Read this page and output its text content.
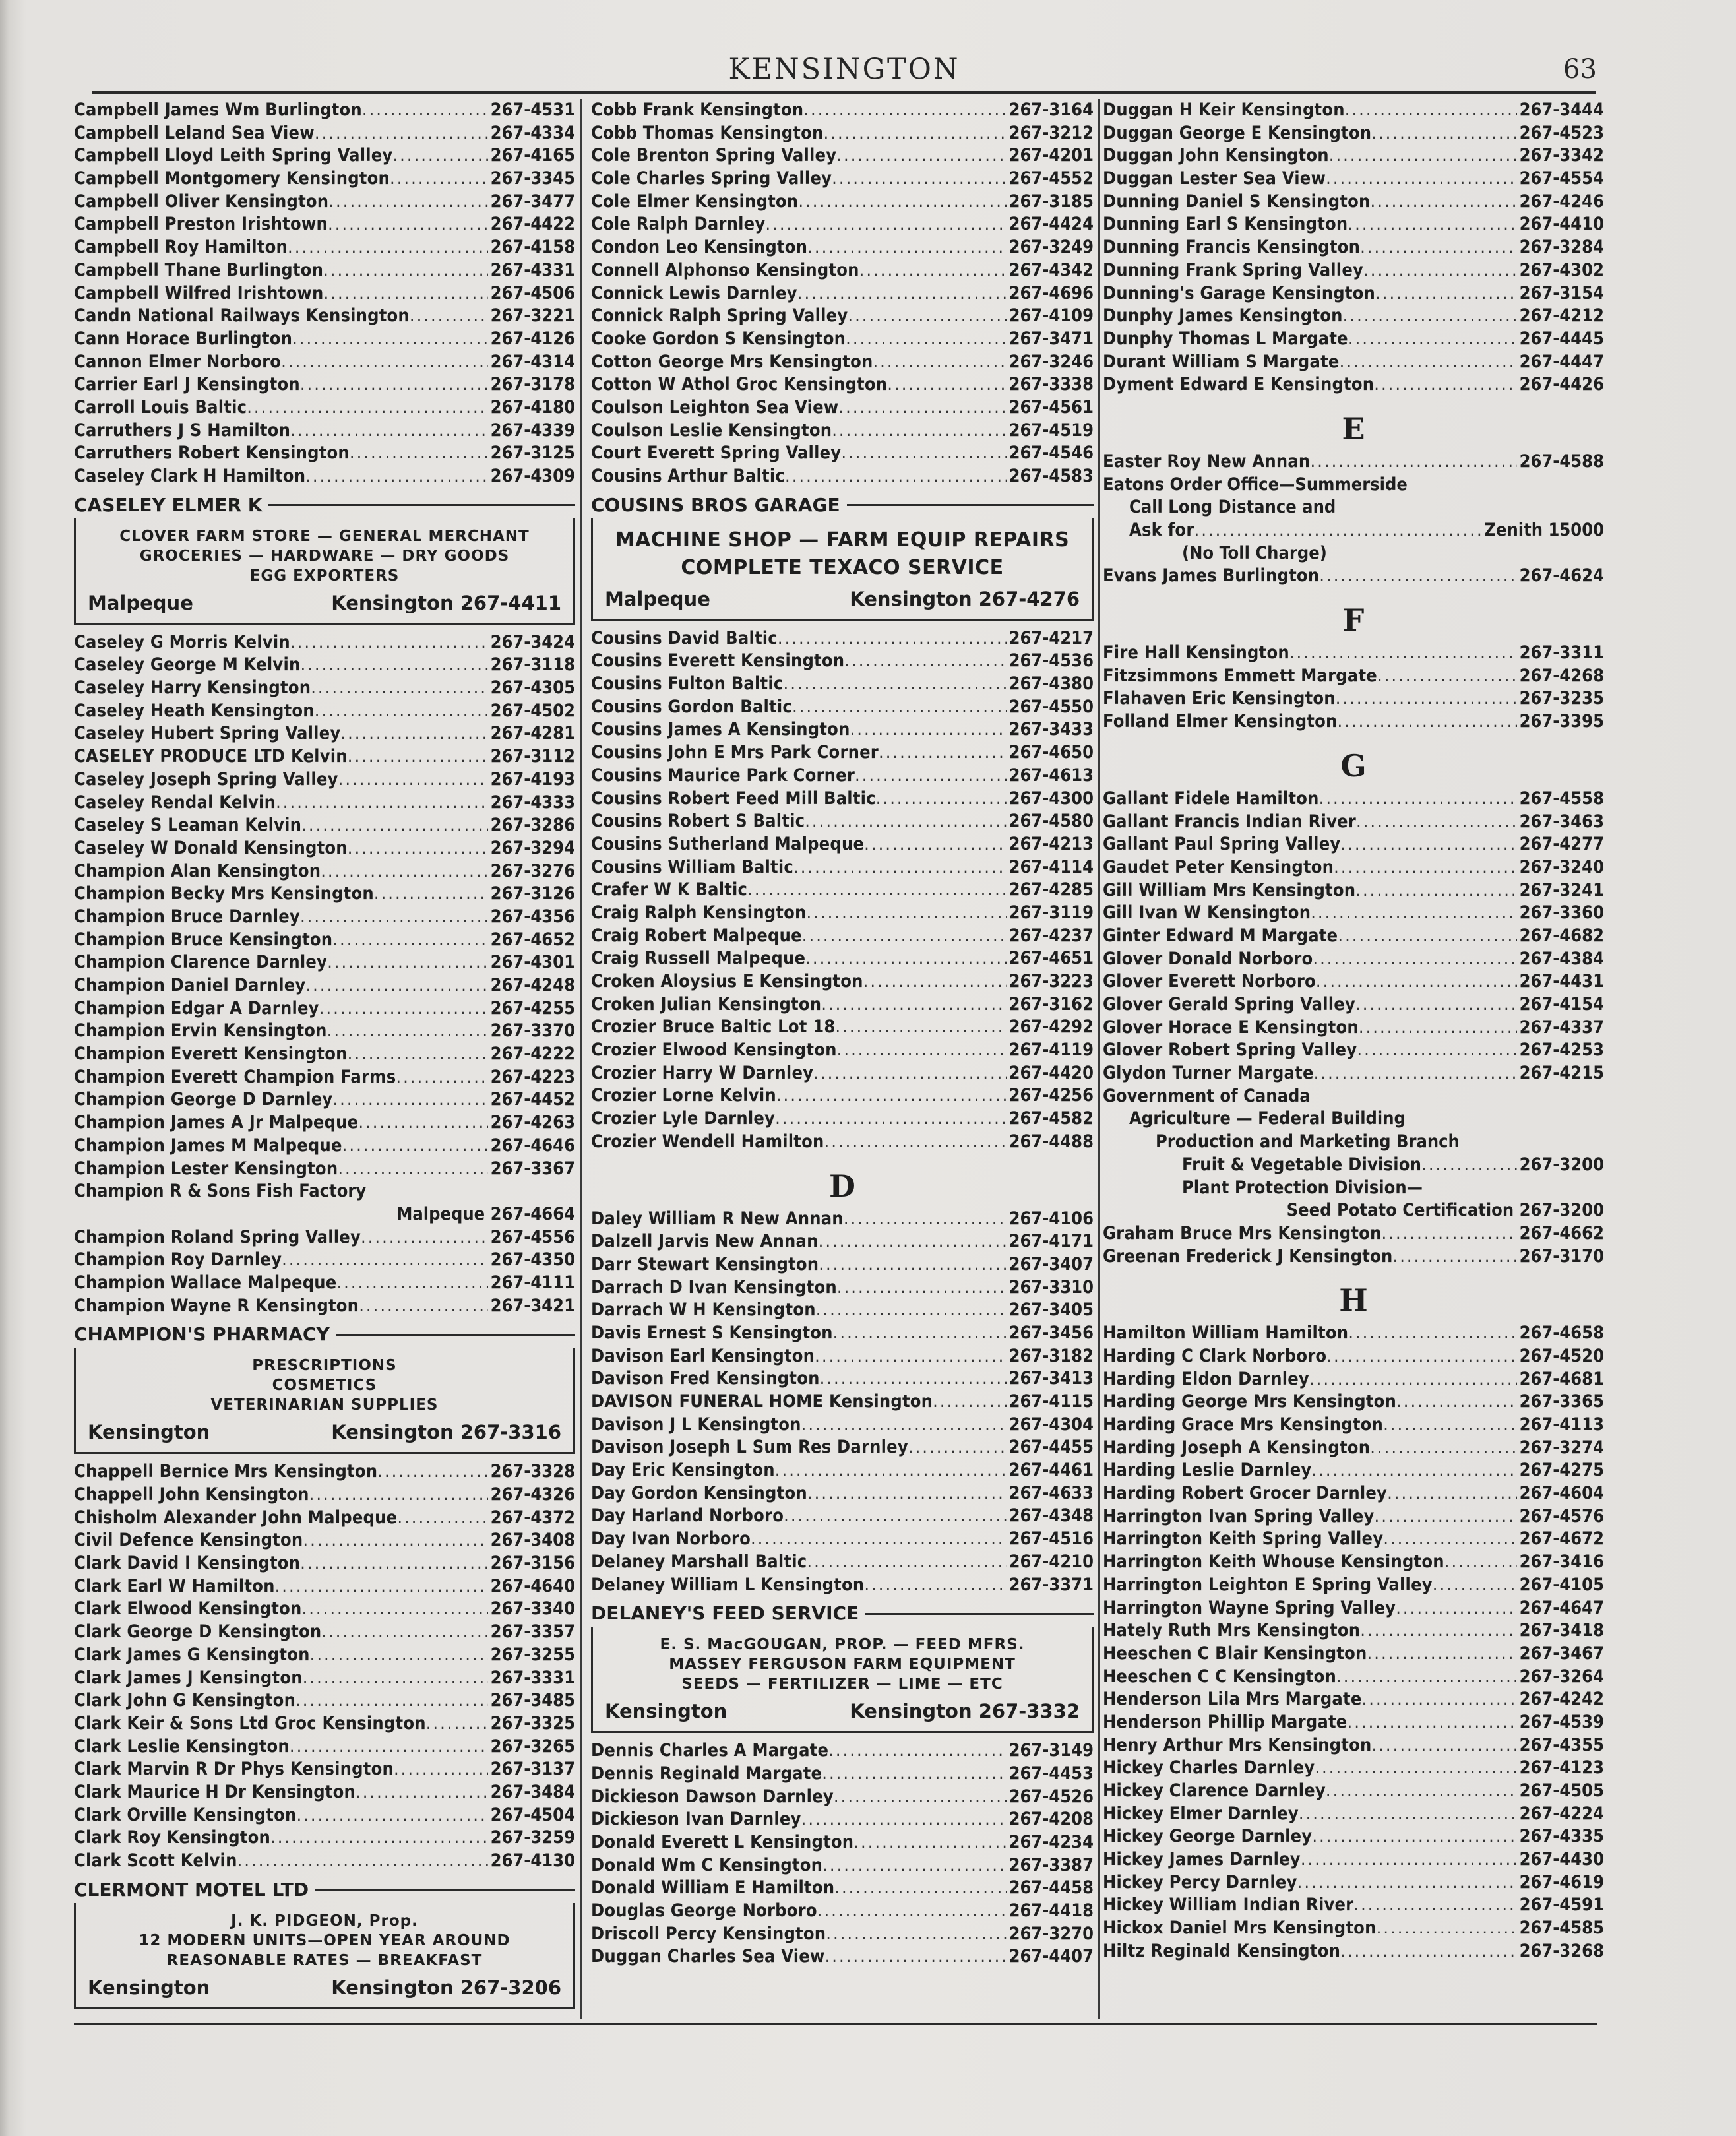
KENSINGTON	63
Campbell James Wm Burlington .....	267-4531
Campbell Leland Sea View .....	267-4334
Campbell Lloyd Leith Spring Valley .....	267-4165
Campbell Montgomery Kensington .....	267-3345
Campbell Oliver Kensington .....	267-3477
Campbell Preston Irishtown .....	267-4422
Campbell Roy Hamilton .....	267-4158
Campbell Thane Burlington .....	267-4331
Campbell Wilfred Irishtown .....	267-4506
Candn National Railways Kensington .....	267-3221
Cann Horace Burlington .....	267-4126
Cannon Elmer Norboro .....	267-4314
Carrier Earl J Kensington .....	267-3178
Carroll Louis Baltic .....	267-4180
Carruthers J S Hamilton .....	267-4339
Carruthers Robert Kensington .....	267-3125
Caseley Clark H Hamilton .....	267-4309
CASELEY ELMER K
CLOVER FARM STORE — GENERAL MERCHANT
GROCERIES — HARDWARE — DRY GOODS
EGG EXPORTERS
Malpeque	Kensington 267-4411
Caseley G Morris Kelvin .....	267-3424
Caseley George M Kelvin .....	267-3118
Caseley Harry Kensington .....	267-4305
Caseley Heath Kensington .....	267-4502
Caseley Hubert Spring Valley .....	267-4281
CASELEY PRODUCE LTD Kelvin .....	267-3112
Caseley Joseph Spring Valley .....	267-4193
Caseley Rendal Kelvin .....	267-4333
Caseley S Leaman Kelvin .....	267-3286
Caseley W Donald Kensington .....	267-3294
Champion Alan Kensington .....	267-3276
Champion Becky Mrs Kensington .....	267-3126
Champion Bruce Darnley .....	267-4356
Champion Bruce Kensington .....	267-4652
Champion Clarence Darnley .....	267-4301
Champion Daniel Darnley .....	267-4248
Champion Edgar A Darnley .....	267-4255
Champion Ervin Kensington .....	267-3370
Champion Everett Kensington .....	267-4222
Champion Everett Champion Farms .....	267-4223
Champion George D Darnley .....	267-4452
Champion James A Jr Malpeque .....	267-4263
Champion James M Malpeque .....	267-4646
Champion Lester Kensington .....	267-3367
Champion R & Sons Fish Factory
Malpeque 267-4664
Champion Roland Spring Valley .....	267-4556
Champion Roy Darnley .....	267-4350
Champion Wallace Malpeque .....	267-4111
Champion Wayne R Kensington .....	267-3421
CHAMPION'S PHARMACY
PRESCRIPTIONS
COSMETICS
VETERINARIAN SUPPLIES
Kensington	Kensington 267-3316
Chappell Bernice Mrs Kensington .....	267-3328
Chappell John Kensington .....	267-4326
Chisholm Alexander John Malpeque .....	267-4372
Civil Defence Kensington .....	267-3408
Clark David I Kensington .....	267-3156
Clark Earl W Hamilton .....	267-4640
Clark Elwood Kensington .....	267-3340
Clark George D Kensington .....	267-3357
Clark James G Kensington .....	267-3255
Clark James J Kensington .....	267-3331
Clark John G Kensington .....	267-3485
Clark Keir & Sons Ltd Groc Kensington .....	267-3325
Clark Leslie Kensington .....	267-3265
Clark Marvin R Dr Phys Kensington .....	267-3137
Clark Maurice H Dr Kensington .....	267-3484
Clark Orville Kensington .....	267-4504
Clark Roy Kensington .....	267-3259
Clark Scott Kelvin .....	267-4130
CLERMONT MOTEL LTD
J. K. PIDGEON, Prop.
12 MODERN UNITS—OPEN YEAR AROUND
REASONABLE RATES — BREAKFAST
Kensington	Kensington 267-3206
Cobb Frank Kensington .....	267-3164
Cobb Thomas Kensington .....	267-3212
Cole Brenton Spring Valley .....	267-4201
Cole Charles Spring Valley .....	267-4552
Cole Elmer Kensington .....	267-3185
Cole Ralph Darnley .....	267-4424
Condon Leo Kensington .....	267-3249
Connell Alphonso Kensington .....	267-4342
Connick Lewis Darnley .....	267-4696
Connick Ralph Spring Valley .....	267-4109
Cooke Gordon S Kensington .....	267-3471
Cotton George Mrs Kensington .....	267-3246
Cotton W Athol Groc Kensington .....	267-3338
Coulson Leighton Sea View .....	267-4561
Coulson Leslie Kensington .....	267-4519
Court Everett Spring Valley .....	267-4546
Cousins Arthur Baltic .....	267-4583
COUSINS BROS GARAGE
MACHINE SHOP — FARM EQUIP REPAIRS
COMPLETE TEXACO SERVICE
Malpeque	Kensington 267-4276
Cousins David Baltic .....	267-4217
Cousins Everett Kensington .....	267-4536
Cousins Fulton Baltic .....	267-4380
Cousins Gordon Baltic .....	267-4550
Cousins James A Kensington .....	267-3433
Cousins John E Mrs Park Corner .....	267-4650
Cousins Maurice Park Corner .....	267-4613
Cousins Robert Feed Mill Baltic .....	267-4300
Cousins Robert S Baltic .....	267-4580
Cousins Sutherland Malpeque .....	267-4213
Cousins William Baltic .....	267-4114
Crafer W K Baltic .....	267-4285
Craig Ralph Kensington .....	267-3119
Craig Robert Malpeque .....	267-4237
Craig Russell Malpeque .....	267-4651
Croken Aloysius E Kensington .....	267-3223
Croken Julian Kensington .....	267-3162
Crozier Bruce Baltic Lot 18 .....	267-4292
Crozier Elwood Kensington .....	267-4119
Crozier Harry W Darnley .....	267-4420
Crozier Lorne Kelvin .....	267-4256
Crozier Lyle Darnley .....	267-4582
Crozier Wendell Hamilton .....	267-4488
D
Daley William R New Annan .....	267-4106
Dalzell Jarvis New Annan .....	267-4171
Darr Stewart Kensington .....	267-3407
Darrach D Ivan Kensington .....	267-3310
Darrach W H Kensington .....	267-3405
Davis Ernest S Kensington .....	267-3456
Davison Earl Kensington .....	267-3182
Davison Fred Kensington .....	267-3413
DAVISON FUNERAL HOME Kensington .....	267-4115
Davison J L Kensington .....	267-4304
Davison Joseph L Sum Res Darnley .....	267-4455
Day Eric Kensington .....	267-4461
Day Gordon Kensington .....	267-4633
Day Harland Norboro .....	267-4348
Day Ivan Norboro .....	267-4516
Delaney Marshall Baltic .....	267-4210
Delaney William L Kensington .....	267-3371
DELANEY'S FEED SERVICE
E. S. MacGOUGAN, PROP. — FEED MFRS.
MASSEY FERGUSON FARM EQUIPMENT
SEEDS — FERTILIZER — LIME — ETC
Kensington	Kensington 267-3332
Dennis Charles A Margate .....	267-3149
Dennis Reginald Margate .....	267-4453
Dickieson Dawson Darnley .....	267-4526
Dickieson Ivan Darnley .....	267-4208
Donald Everett L Kensington .....	267-4234
Donald Wm C Kensington .....	267-3387
Donald William E Hamilton .....	267-4458
Douglas George Norboro .....	267-4418
Driscoll Percy Kensington .....	267-3270
Duggan Charles Sea View .....	267-4407
Duggan H Keir Kensington .....	267-3444
Duggan George E Kensington .....	267-4523
Duggan John Kensington .....	267-3342
Duggan Lester Sea View .....	267-4554
Dunning Daniel S Kensington .....	267-4246
Dunning Earl S Kensington .....	267-4410
Dunning Francis Kensington .....	267-3284
Dunning Frank Spring Valley .....	267-4302
Dunning's Garage Kensington .....	267-3154
Dunphy James Kensington .....	267-4212
Dunphy Thomas L Margate .....	267-4445
Durant William S Margate .....	267-4447
Dyment Edward E Kensington .....	267-4426
E
Easter Roy New Annan .....	267-4588
Eatons Order Office—Summerside
Call Long Distance and
Ask for .....	Zenith 15000
(No Toll Charge)
Evans James Burlington .....	267-4624
F
Fire Hall Kensington .....	267-3311
Fitzsimmons Emmett Margate .....	267-4268
Flahaven Eric Kensington .....	267-3235
Folland Elmer Kensington .....	267-3395
G
Gallant Fidele Hamilton .....	267-4558
Gallant Francis Indian River .....	267-3463
Gallant Paul Spring Valley .....	267-4277
Gaudet Peter Kensington .....	267-3240
Gill William Mrs Kensington .....	267-3241
Gill Ivan W Kensington .....	267-3360
Ginter Edward M Margate .....	267-4682
Glover Donald Norboro .....	267-4384
Glover Everett Norboro .....	267-4431
Glover Gerald Spring Valley .....	267-4154
Glover Horace E Kensington .....	267-4337
Glover Robert Spring Valley .....	267-4253
Glydon Turner Margate .....	267-4215
Government of Canada
Agriculture — Federal Building
Production and Marketing Branch
Fruit & Vegetable Division .....	267-3200
Plant Protection Division—
Seed Potato Certification 267-3200
Graham Bruce Mrs Kensington .....	267-4662
Greenan Frederick J Kensington .....	267-3170
H
Hamilton William Hamilton .....	267-4658
Harding C Clark Norboro .....	267-4520
Harding Eldon Darnley .....	267-4681
Harding George Mrs Kensington .....	267-3365
Harding Grace Mrs Kensington .....	267-4113
Harding Joseph A Kensington .....	267-3274
Harding Leslie Darnley .....	267-4275
Harding Robert Grocer Darnley .....	267-4604
Harrington Ivan Spring Valley .....	267-4576
Harrington Keith Spring Valley .....	267-4672
Harrington Keith Whouse Kensington .....	267-3416
Harrington Leighton E Spring Valley .....	267-4105
Harrington Wayne Spring Valley .....	267-4647
Hately Ruth Mrs Kensington .....	267-3418
Heeschen C Blair Kensington .....	267-3467
Heeschen C C Kensington .....	267-3264
Henderson Lila Mrs Margate .....	267-4242
Henderson Phillip Margate .....	267-4539
Henry Arthur Mrs Kensington .....	267-4355
Hickey Charles Darnley .....	267-4123
Hickey Clarence Darnley .....	267-4505
Hickey Elmer Darnley .....	267-4224
Hickey George Darnley .....	267-4335
Hickey James Darnley .....	267-4430
Hickey Percy Darnley .....	267-4619
Hickey William Indian River .....	267-4591
Hickox Daniel Mrs Kensington .....	267-4585
Hiltz Reginald Kensington .....	267-3268
